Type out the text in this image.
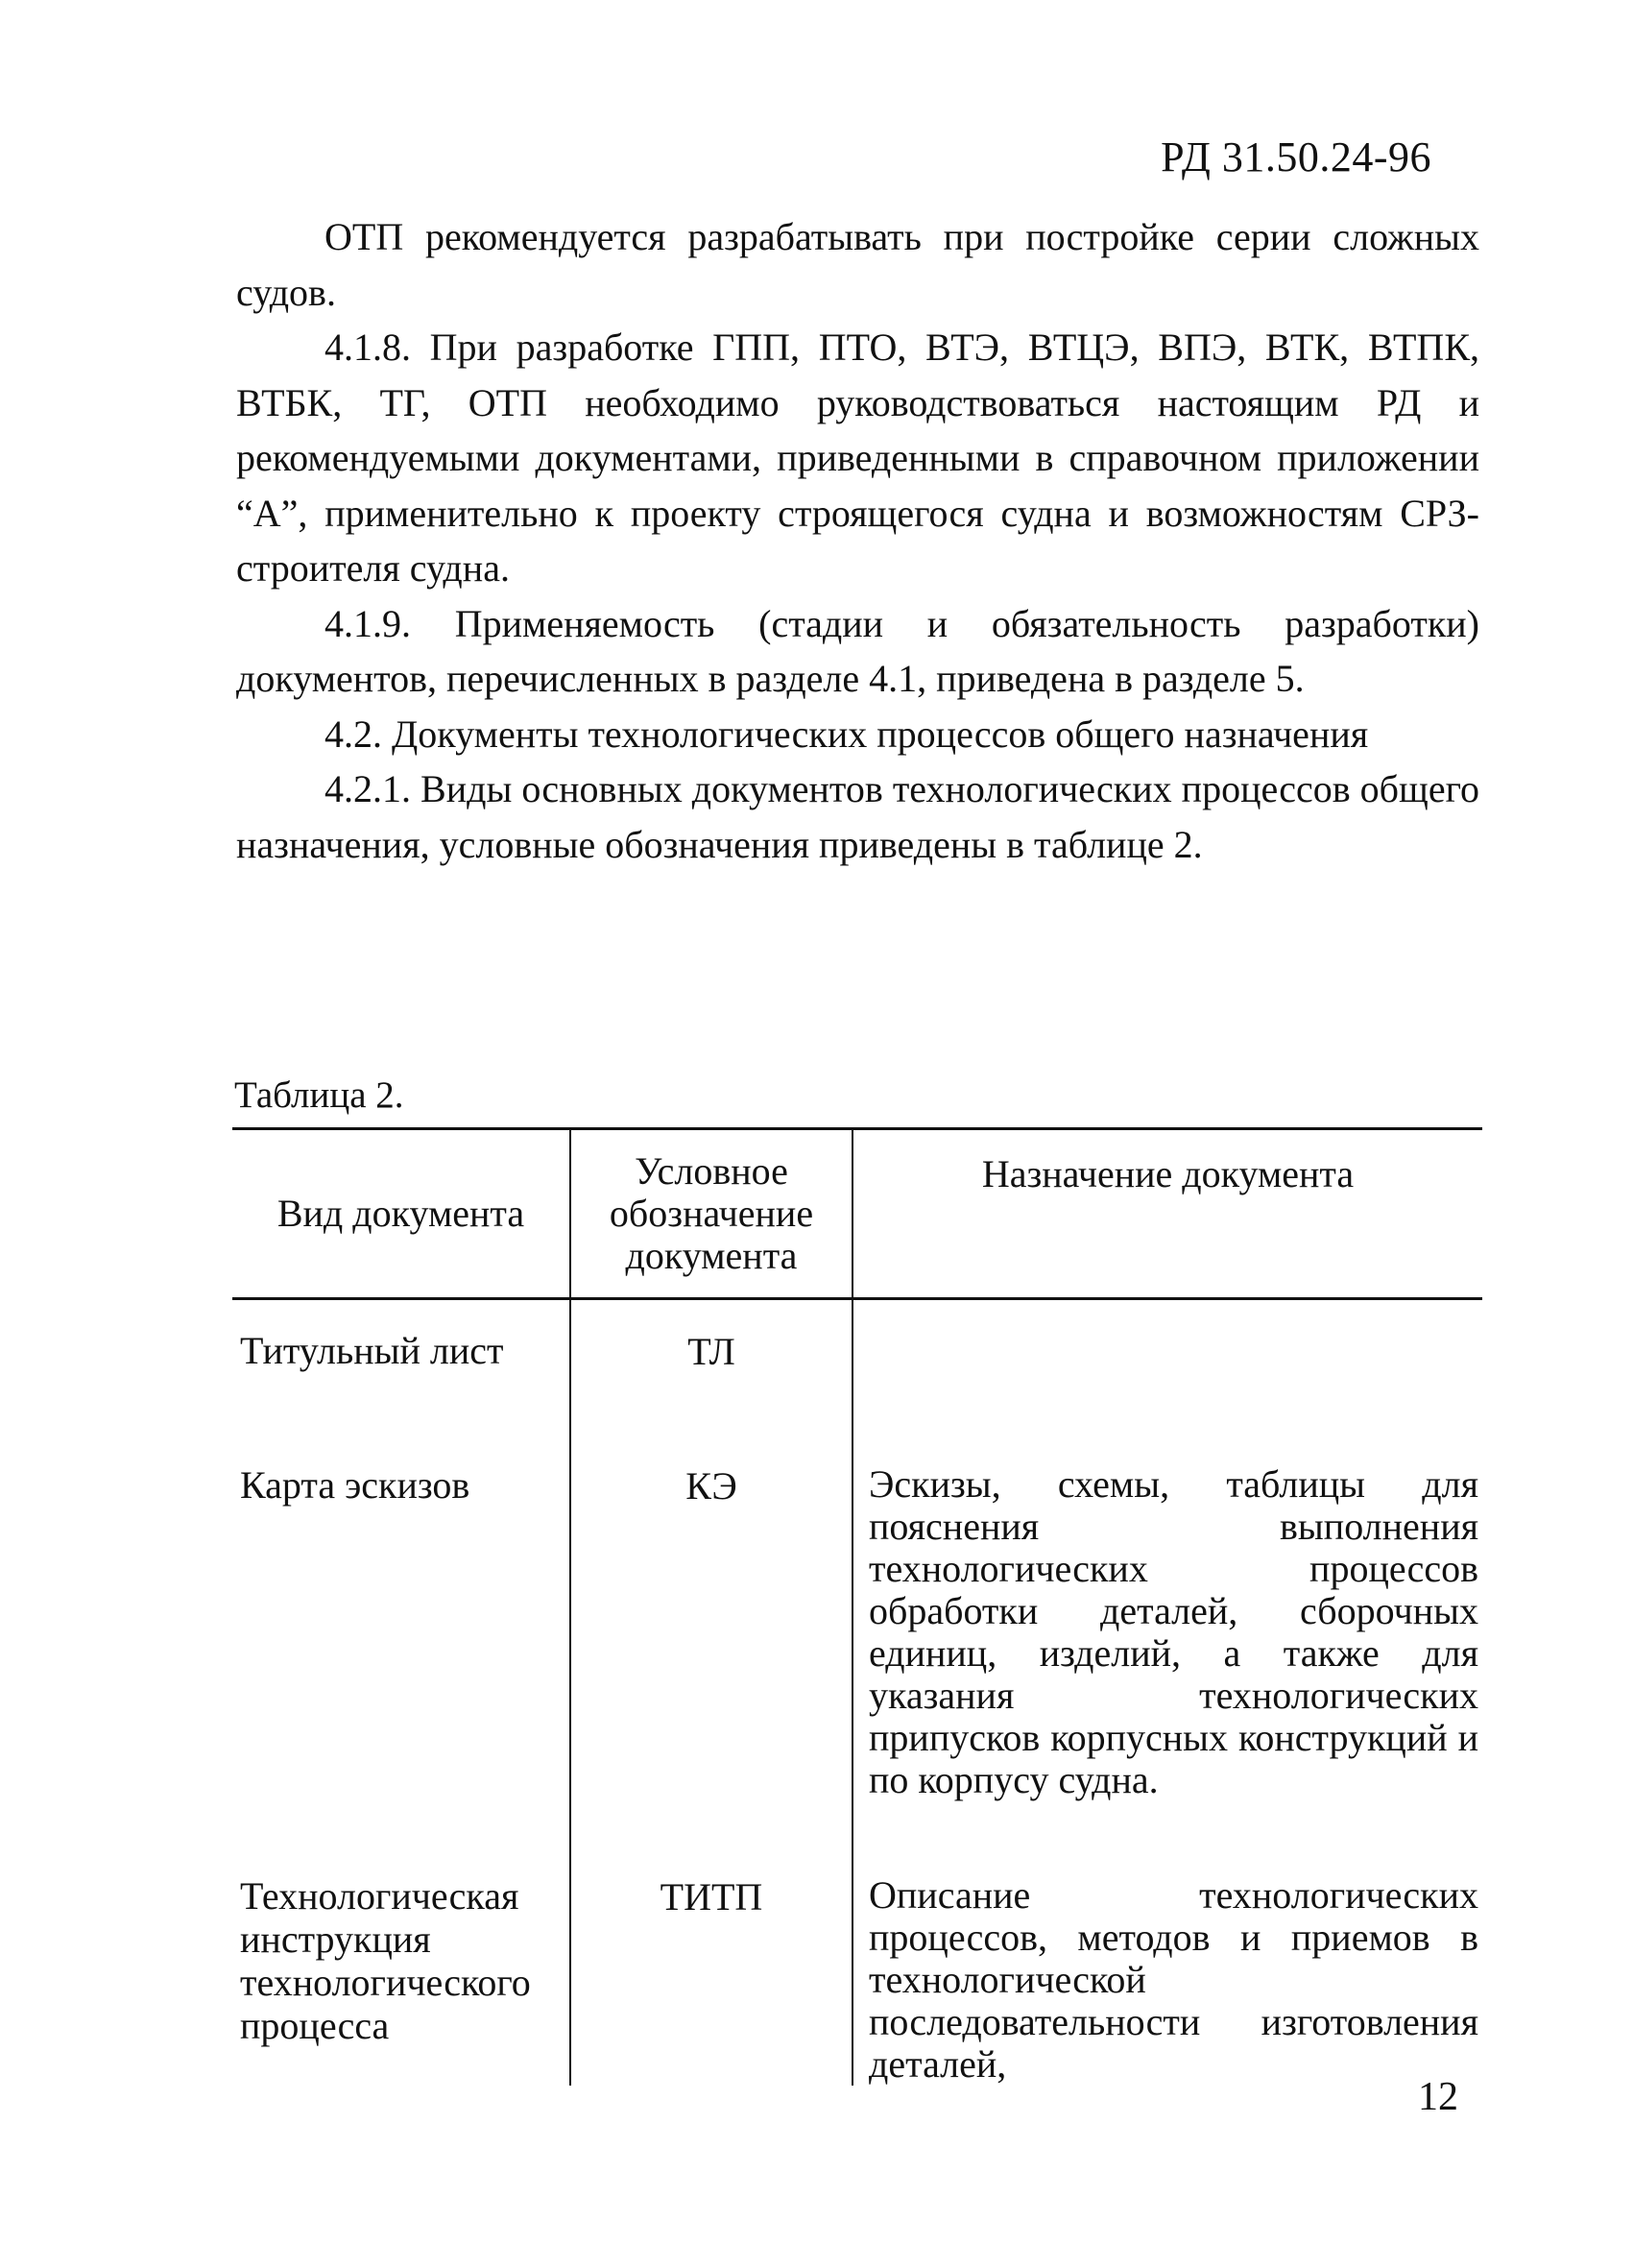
РД 31.50.24-96

ОТП рекомендуется разрабатывать при постройке серии сложных судов.

4.1.8. При разработке ГПП, ПТО, ВТЭ, ВТЦЭ, ВПЭ, ВТК, ВТПК, ВТБК, ТГ, ОТП необходимо руководствоваться настоящим РД и рекомендуемыми документами, приведенными в справочном приложении “А”, применительно к проекту строящегося судна и возможностям СРЗ-строителя судна.

4.1.9. Применяемость (стадии и обязательность разработки) документов, перечисленных в разделе 4.1, приведена в разделе 5.

4.2. Документы технологических процессов общего назначения

4.2.1. Виды основных документов технологических процессов общего назначения, условные обозначения приведены в таблице 2.

Таблица 2.
Вид документа	Условное обозначение документа	Назначение документа
Титульный лист	ТЛ	
Карта эскизов	КЭ	Эскизы, схемы, таблицы для пояснения выполнения технологических процессов обработки деталей, сборочных единиц, изделий, а также для указания технологических припусков корпусных конструкций и по корпусу судна.
Технологическая инструкция технологического процесса	ТИТП	Описание технологических процессов, методов и приемов в технологической последовательности изготовления деталей,
12
